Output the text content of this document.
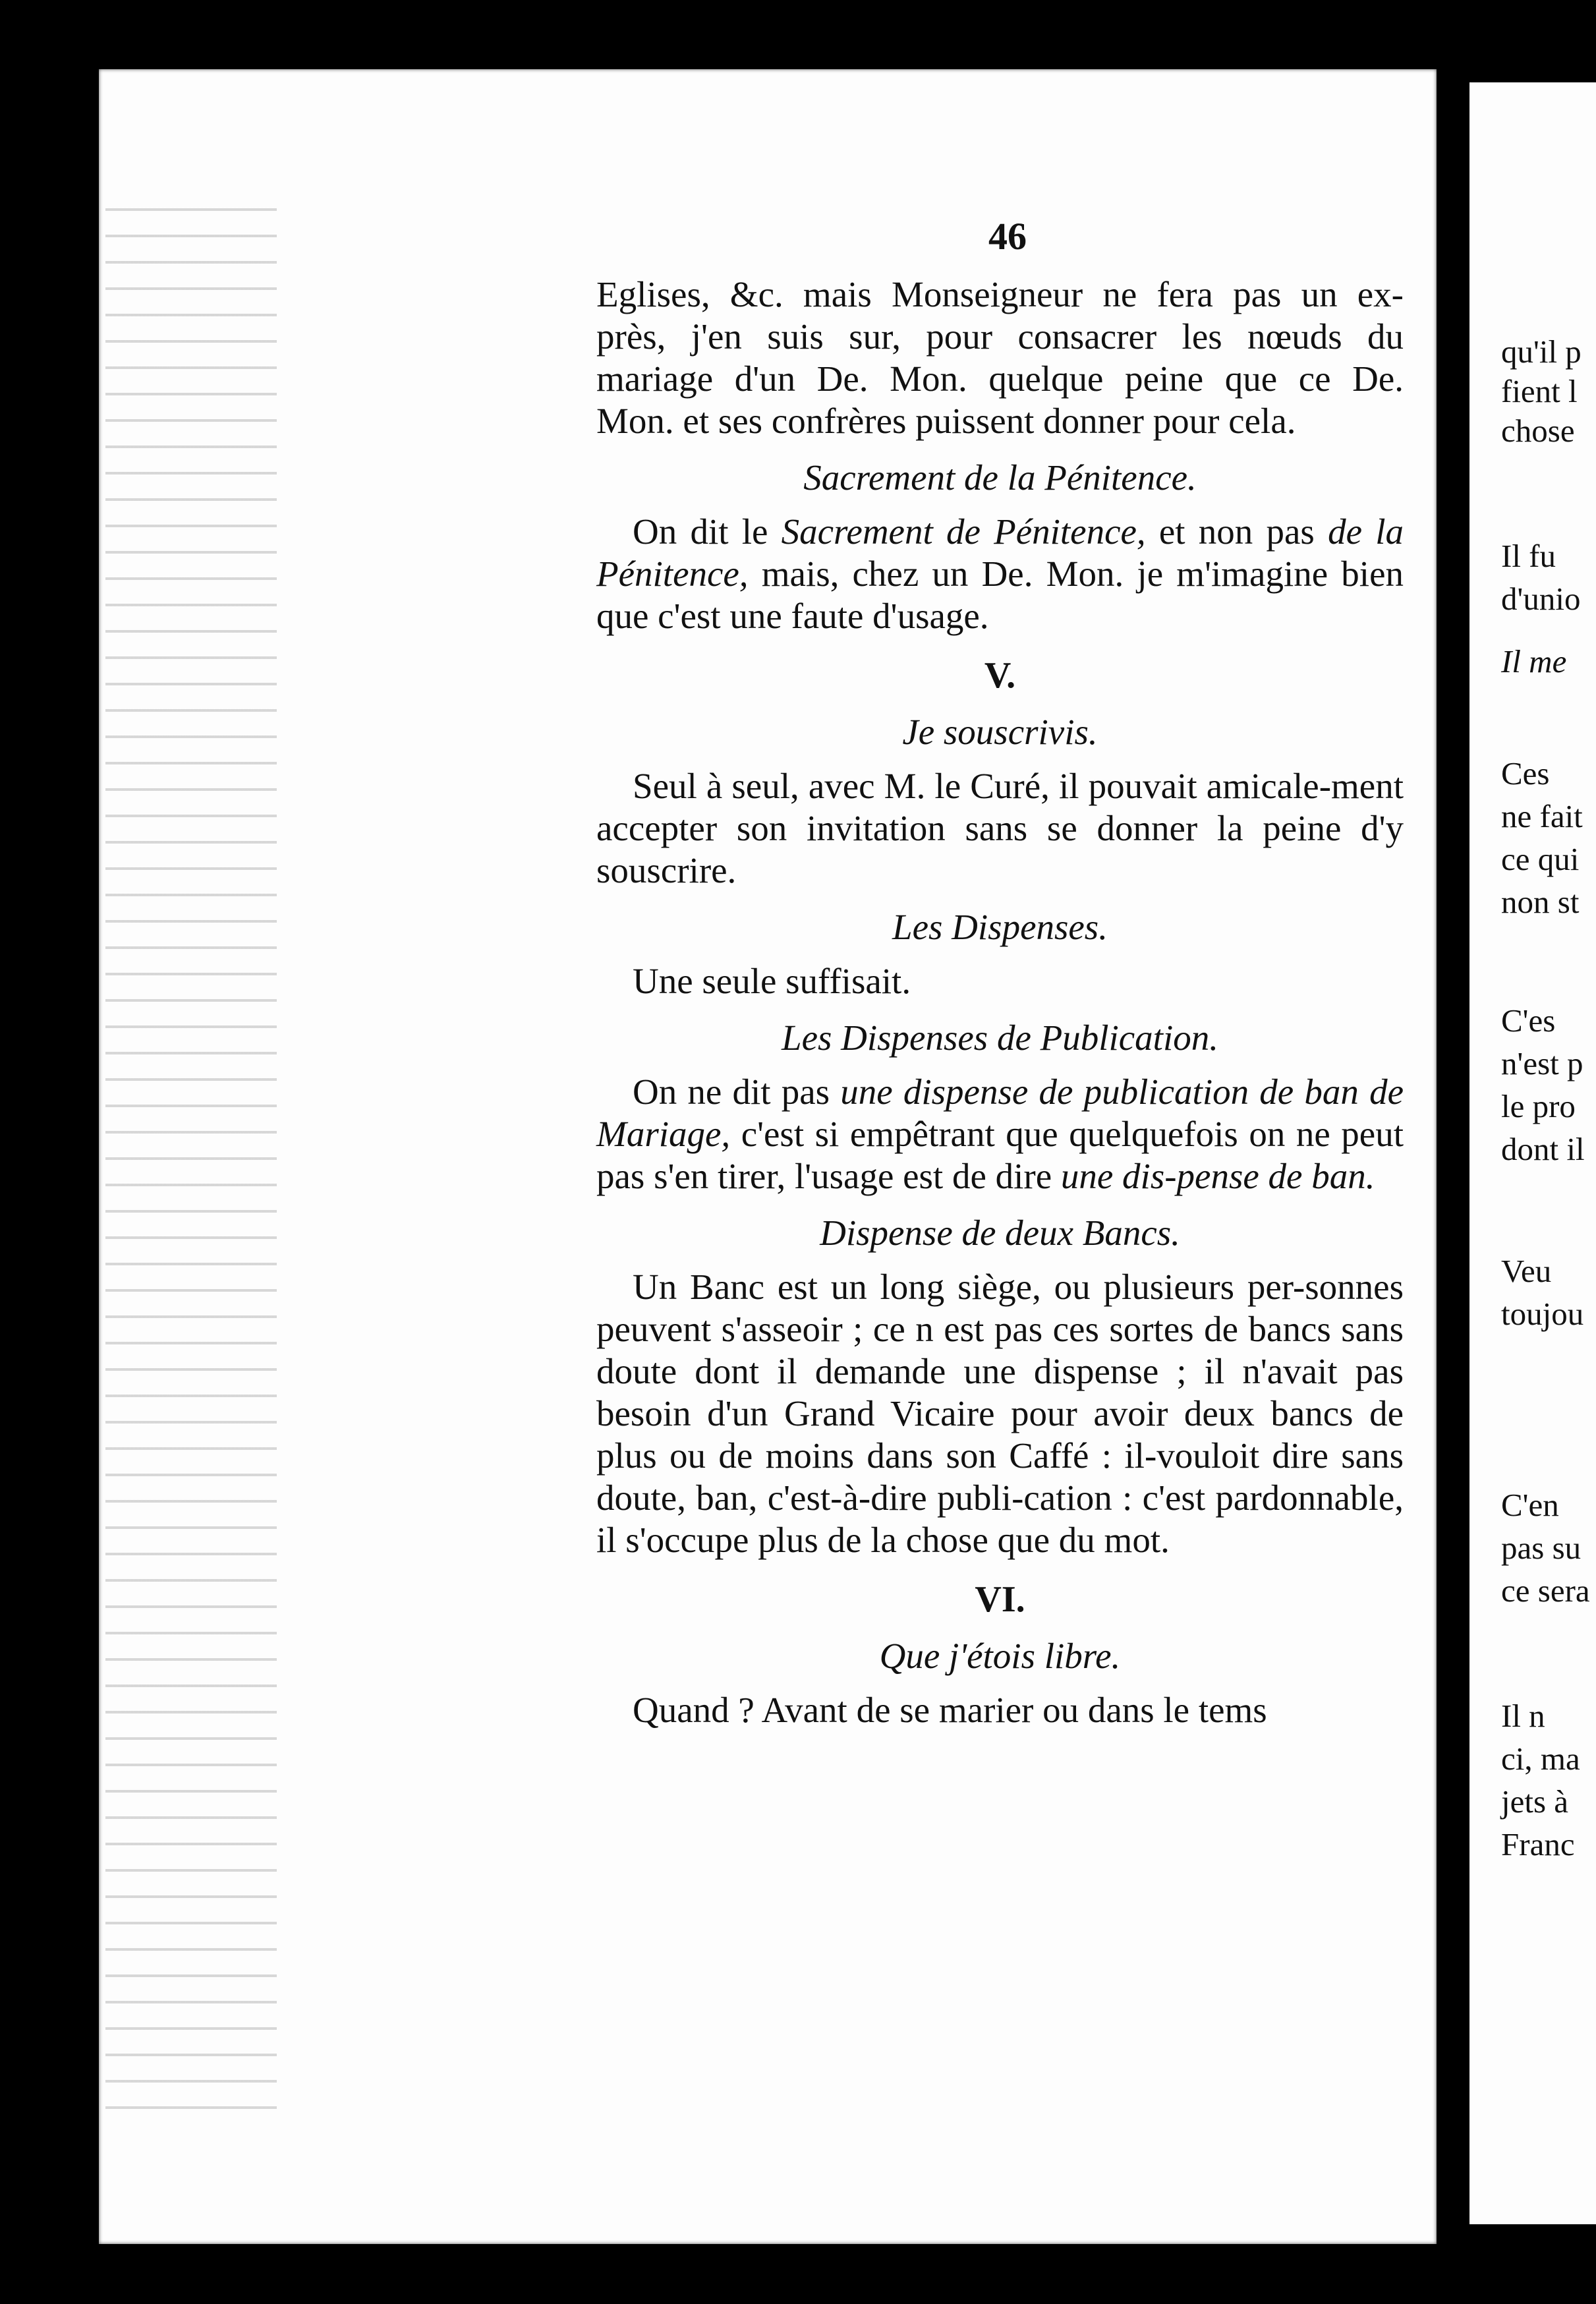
qu'il p
fient l
chose
Il fu
d'unio
Il me
Ces
ne fait
ce qui
non st
C'es
n'est p
le pro
dont il
Veu
toujou
C'en
pas su
ce sera
Il n
ci, ma
jets à
Franc
46

Eglises, &c. mais Monseigneur ne fera pas un ex-

près, j'en suis sur, pour consacrer les nœuds du

mariage d'un De. Mon. quelque peine que ce De.

Mon. et ses confrères puissent donner pour cela.

Sacrement de la Pénitence.

On dit le Sacrement de Pénitence, et non pas de la Pénitence, mais, chez un De. Mon. je m'imagine bien que c'est une faute d'usage.

V.
Je souscrivis.

Seul à seul, avec M. le Curé, il pouvait amicale-ment accepter son invitation sans se donner la peine d'y souscrire.

Les Dispenses.

Une seule suffisait.

Les Dispenses de Publication.

On ne dit pas une dispense de publication de ban de Mariage, c'est si empêtrant que quelquefois on ne peut pas s'en tirer, l'usage est de dire une dis-pense de ban.

Dispense de deux Bancs.

Un Banc est un long siège, ou plusieurs per-sonnes peuvent s'asseoir ; ce n est pas ces sortes de bancs sans doute dont il demande une dispense ; il n'avait pas besoin d'un Grand Vicaire pour avoir deux bancs de plus ou de moins dans son Caffé : il-vouloit dire sans doute, ban, c'est-à-dire publi-cation : c'est pardonnable, il s'occupe plus de la chose que du mot.

VI.
Que j'étois libre.

Quand ? Avant de se marier ou dans le tems
